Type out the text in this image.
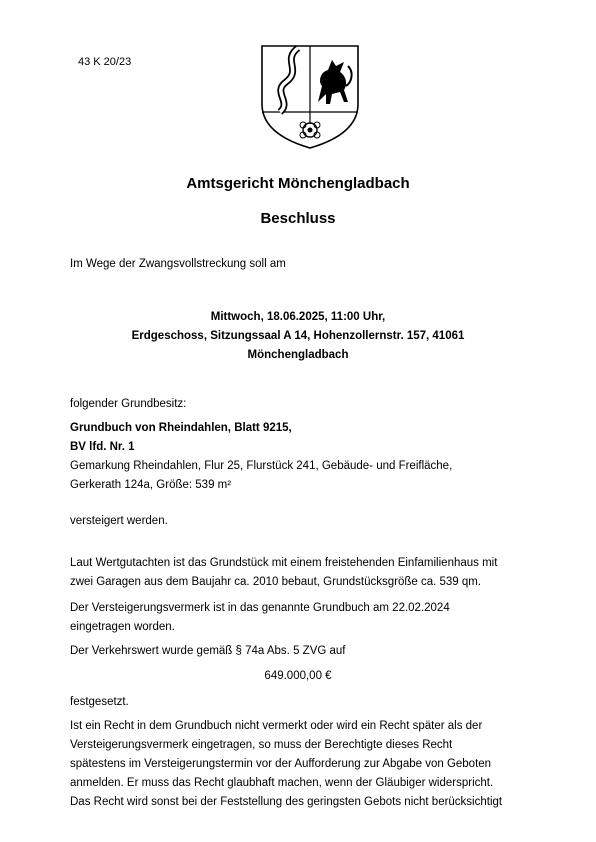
43 K 20/23
Amtsgericht Mönchengladbach
Beschluss
Im Wege der Zwangsvollstreckung soll am
Mittwoch, 18.06.2025, 11:00 Uhr,
Erdgeschoss, Sitzungssaal A 14, Hohenzollernstr. 157, 41061
Mönchengladbach
folgender Grundbesitz:
Grundbuch von Rheindahlen, Blatt 9215,
BV lfd. Nr. 1
Gemarkung Rheindahlen, Flur 25, Flurstück 241, Gebäude- und Freifläche,
Gerkerath 124a, Größe: 539 m²
versteigert werden.
Laut Wertgutachten ist das Grundstück mit einem freistehenden Einfamilienhaus mit
zwei Garagen aus dem Baujahr ca. 2010 bebaut, Grundstücksgröße ca. 539 qm.
Der Versteigerungsvermerk ist in das genannte Grundbuch am 22.02.2024
eingetragen worden.
Der Verkehrswert wurde gemäß § 74a Abs. 5 ZVG auf
649.000,00 €
festgesetzt.
Ist ein Recht in dem Grundbuch nicht vermerkt oder wird ein Recht später als der
Versteigerungsvermerk eingetragen, so muss der Berechtigte dieses Recht
spätestens im Versteigerungstermin vor der Aufforderung zur Abgabe von Geboten
anmelden. Er muss das Recht glaubhaft machen, wenn der Gläubiger widerspricht.
Das Recht wird sonst bei der Feststellung des geringsten Gebots nicht berücksichtigt
